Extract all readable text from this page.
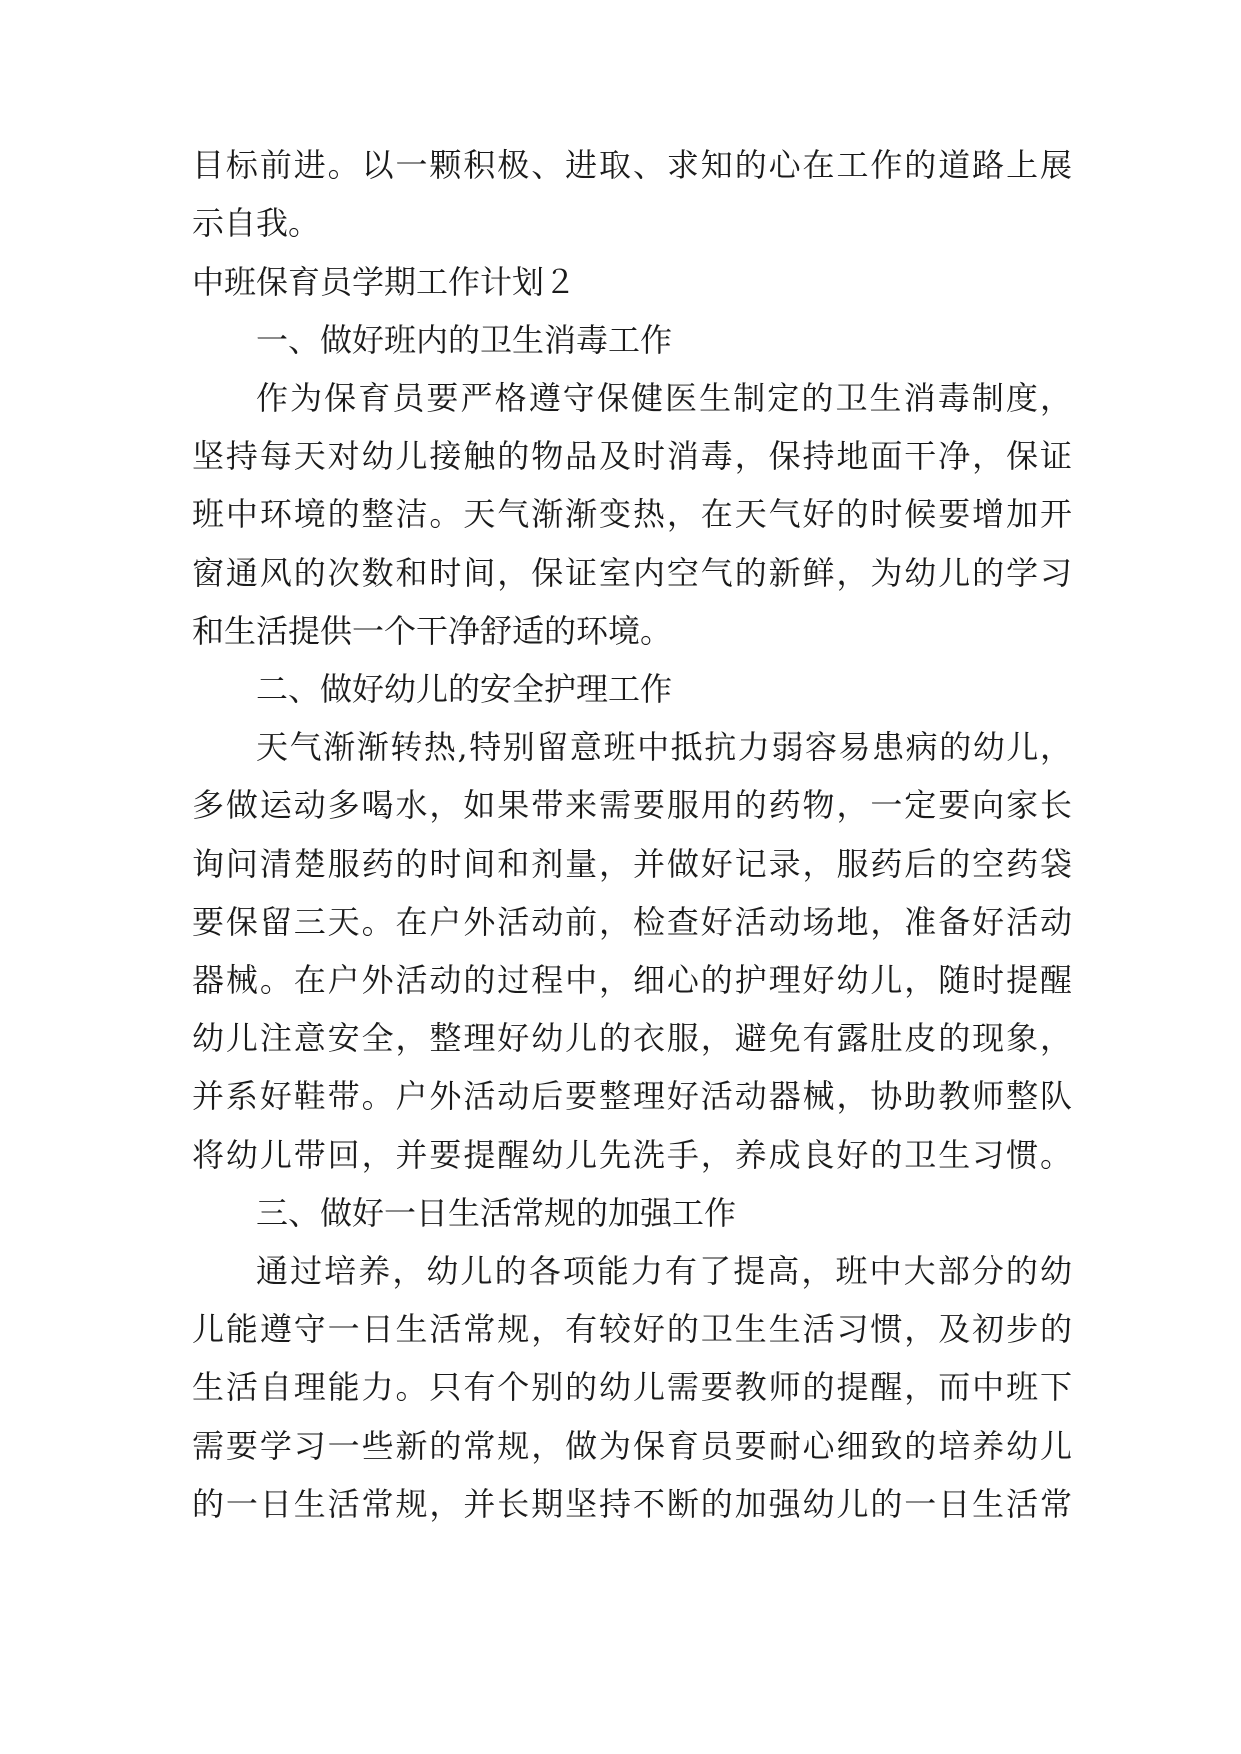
目标前进。以一颗积极、进取、求知的心在工作的道路上展
示自我。
中班保育员学期工作计划２
一、做好班内的卫生消毒工作
作为保育员要严格遵守保健医生制定的卫生消毒制度，
坚持每天对幼儿接触的物品及时消毒，保持地面干净，保证
班中环境的整洁。天气渐渐变热，在天气好的时候要增加开
窗通风的次数和时间，保证室内空气的新鲜，为幼儿的学习
和生活提供一个干净舒适的环境。
二、做好幼儿的安全护理工作
天气渐渐转热,特别留意班中抵抗力弱容易患病的幼儿，
多做运动多喝水，如果带来需要服用的药物，一定要向家长
询问清楚服药的时间和剂量，并做好记录，服药后的空药袋
要保留三天。在户外活动前，检查好活动场地，准备好活动
器械。在户外活动的过程中，细心的护理好幼儿，随时提醒
幼儿注意安全，整理好幼儿的衣服，避免有露肚皮的现象，
并系好鞋带。户外活动后要整理好活动器械，协助教师整队
将幼儿带回，并要提醒幼儿先洗手，养成良好的卫生习惯。
三、做好一日生活常规的加强工作
通过培养，幼儿的各项能力有了提高，班中大部分的幼
儿能遵守一日生活常规，有较好的卫生生活习惯，及初步的
生活自理能力。只有个别的幼儿需要教师的提醒，而中班下
需要学习一些新的常规，做为保育员要耐心细致的培养幼儿
的一日生活常规，并长期坚持不断的加强幼儿的一日生活常
